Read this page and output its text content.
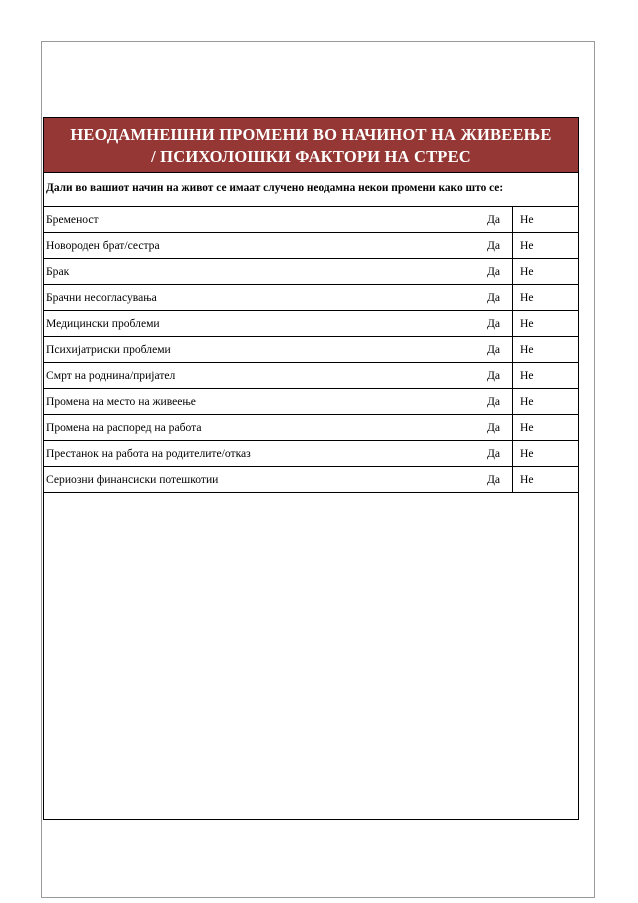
НЕОДАМНЕШНИ ПРОМЕНИ ВО НАЧИНОТ НА ЖИВЕЕЊЕ
/ ПСИХОЛОШКИ ФАКТОРИ НА СТРЕС
Дали во вашиот начин на живот се имаат случено неодамна некои промени како што се:
Бременост	Да	Не
Новороден брат/сестра	Да	Не
Брак	Да	Не
Брачни несогласувања	Да	Не
Медицински проблеми	Да	Не
Психијатриски проблеми	Да	Не
Смрт на роднина/пријател	Да	Не
Промена на место на живеење	Да	Не
Промена на распоред на работа	Да	Не
Престанок на работа на родителите/отказ	Да	Не
Сериозни финансиски потешкотии	Да	Не
